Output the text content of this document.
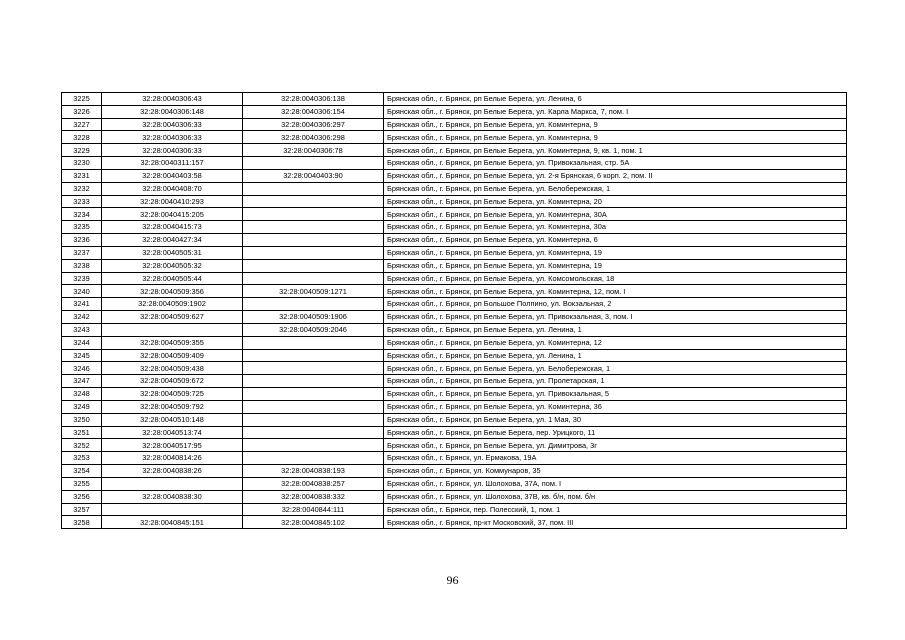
3225	32:28:0040306:43	32:28:0040306:138	Брянская обл., г. Брянск, рп Белые Берега, ул. Ленина, 6
3226	32:28:0040306:148	32:28:0040306:154	Брянская обл., г. Брянск, рп Белые Берега, ул. Карла Маркса, 7, пом. I
3227	32:28:0040306:33	32:28:0040306:297	Брянская обл., г. Брянск, рп Белые Берега, ул. Коминтерна, 9
3228	32:28:0040306:33	32:28:0040306:298	Брянская обл., г. Брянск, рп Белые Берега, ул. Коминтерна, 9
3229	32:28:0040306:33	32:28:0040306:78	Брянская обл., г. Брянск, рп Белые Берега, ул. Коминтерна, 9, кв. 1, пом. 1
3230	32:28:0040311:157		Брянская обл., г. Брянск, рп Белые Берега, ул. Привокзальная, стр. 5А
3231	32:28:0040403:58	32:28:0040403:90	Брянская обл., г. Брянск, рп Белые Берега, ул. 2-я Брянская, 6 корп. 2, пом. II
3232	32:28:0040408:70		Брянская обл., г. Брянск, рп Белые Берега, ул. Белобережская, 1
3233	32:28:0040410:293		Брянская обл., г. Брянск, рп Белые Берега, ул. Коминтерна, 20
3234	32:28:0040415:205		Брянская обл., г. Брянск, рп Белые Берега, ул. Коминтерна, 30А
3235	32:28:0040415:73		Брянская обл., г. Брянск, рп Белые Берега, ул. Коминтерна, 30а
3236	32:28:0040427:34		Брянская обл., г. Брянск, рп Белые Берега, ул. Коминтерна, 6
3237	32:28:0040505:31		Брянская обл., г. Брянск, рп Белые Берега, ул. Коминтерна, 19
3238	32:28:0040505:32		Брянская обл., г. Брянск, рп Белые Берега, ул. Коминтерна, 19
3239	32:28:0040505:44		Брянская обл., г. Брянск, рп Белые Берега, ул. Комсомольская, 18
3240	32:28:0040509:356	32:28:0040509:1271	Брянская обл., г. Брянск, рп Белые Берега, ул. Коминтерна, 12, пом. I
3241	32:28:0040509:1902		Брянская обл., г. Брянск, рп Большое Полпино, ул. Вокзальная, 2
3242	32:28:0040509:627	32:28:0040509:1906	Брянская обл., г. Брянск, рп Белые Берега, ул. Привокзальная, 3, пом. I
3243		32:28:0040509:2046	Брянская обл., г. Брянск, рп Белые Берега, ул. Ленина, 1
3244	32:28:0040509:355		Брянская обл., г. Брянск, рп Белые Берега, ул. Коминтерна, 12
3245	32:28:0040509:409		Брянская обл., г. Брянск, рп Белые Берега, ул. Ленина, 1
3246	32:28:0040509:438		Брянская обл., г. Брянск, рп Белые Берега, ул. Белобережская, 1
3247	32:28:0040509:672		Брянская обл., г. Брянск, рп Белые Берега, ул. Пролетарская, 1
3248	32:28:0040509:725		Брянская обл., г. Брянск, рп Белые Берега, ул. Привокзальная, 5
3249	32:28:0040509:792		Брянская обл., г. Брянск, рп Белые Берега, ул. Коминтерна, 36
3250	32:28:0040510:148		Брянская обл., г. Брянск, рп Белые Берега, ул. 1 Мая, 30
3251	32:28:0040513:74		Брянская обл., г. Брянск, рп Белые Берега, пер. Урицкого, 11
3252	32:28:0040517:95		Брянская обл., г. Брянск, рп Белые Берега, ул. Димитрова, 3г
3253	32:28:0040814:26		Брянская обл., г. Брянск, ул. Ермакова, 19А
3254	32:28:0040838:26	32:28:0040838:193	Брянская обл., г. Брянск, ул. Коммунаров, 35
3255		32:28:0040838:257	Брянская обл., г. Брянск, ул. Шолохова, 37А, пом. I
3256	32:28:0040838:30	32:28:0040838:332	Брянская обл., г. Брянск, ул. Шолохова, 37В, кв. б/н, пом. б/н
3257		32:28:0040844:111	Брянская обл., г. Брянск, пер. Полесский, 1, пом. 1
3258	32:28:0040845:151	32:28:0040845:102	Брянская обл., г. Брянск, пр-кт Московский, 37, пом. III
96
